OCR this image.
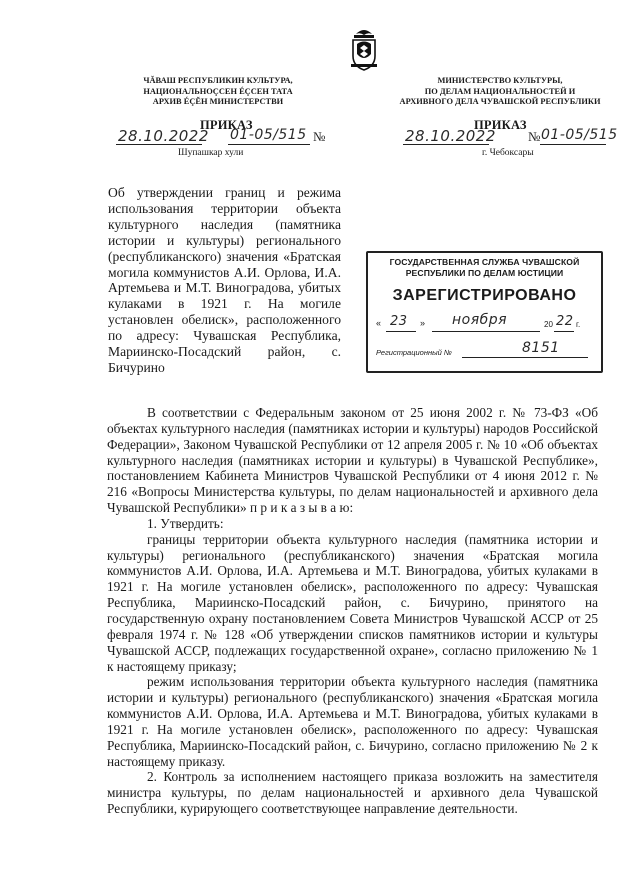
ЧĂВАШ РЕСПУБЛИКИН КУЛЬТУРА,
НАЦИОНАЛЬНОÇСЕН ÉÇСЕН ТАТА
АРХИВ ÉÇĔН МИНИСТЕРСТВИ
МИНИСТЕРСТВО КУЛЬТУРЫ,
ПО ДЕЛАМ НАЦИОНАЛЬНОСТЕЙ И
АРХИВНОГО ДЕЛА ЧУВАШСКОЙ РЕСПУБЛИКИ
ПРИКАЗ
28.10.2022 01-05/515 №
Шупашкар хули
ПРИКАЗ
28.10.2022 № 01-05/515
г. Чебоксары

Об утверждении границ и режима использования территории объекта культурного наследия (памятника истории и культуры) регионального (республиканского) значения «Братская могила коммунистов А.И. Орлова, И.А. Артемьева и М.Т. Виноградова, убитых кулаками в 1921 г. На могиле установлен обелиск», расположенного по адресу: Чувашская Республика, Мариинско-Посадский район, с. Бичурино

ГОСУДАРСТВЕННАЯ СЛУЖБА ЧУВАШСКОЙ
РЕСПУБЛИКИ ПО ДЕЛАМ ЮСТИЦИИ
ЗАРЕГИСТРИРОВАНО
« 23 » ноября	20 22 г.
Регистрационный №	8151

В соответствии с Федеральным законом от 25 июня 2002 г. № 73-ФЗ «Об объектах культурного наследия (памятниках истории и культуры) народов Российской Федерации», Законом Чувашской Республики от 12 апреля 2005 г. № 10 «Об объектах культурного наследия (памятниках истории и культуры) в Чувашской Республике», постановлением Кабинета Министров Чувашской Республики от 4 июня 2012 г. № 216 «Вопросы Министерства культуры, по делам национальностей и архивного дела Чувашской Республики» п р и к а з ы в а ю:

1. Утвердить:

границы территории объекта культурного наследия (памятника истории и культуры) регионального (республиканского) значения «Братская могила коммунистов А.И. Орлова, И.А. Артемьева и М.Т. Виноградова, убитых кулаками в 1921 г. На могиле установлен обелиск», расположенного по адресу: Чувашская Республика, Мариинско-Посадский район, с. Бичурино, принятого на государственную охрану постановлением Совета Министров Чувашской АССР от 25 февраля 1974 г. № 128 «Об утверждении списков памятников истории и культуры Чувашской АССР, подлежащих государственной охране», согласно приложению № 1 к настоящему приказу;

режим использования территории объекта культурного наследия (памятника истории и культуры) регионального (республиканского) значения «Братская могила коммунистов А.И. Орлова, И.А. Артемьева и М.Т. Виноградова, убитых кулаками в 1921 г. На могиле установлен обелиск», расположенного по адресу: Чувашская Республика, Мариинско-Посадский район, с. Бичурино, согласно приложению № 2 к настоящему приказу.

2. Контроль за исполнением настоящего приказа возложить на заместителя министра культуры, по делам национальностей и архивного дела Чувашской Республики, курирующего соответствующее направление деятельности.
